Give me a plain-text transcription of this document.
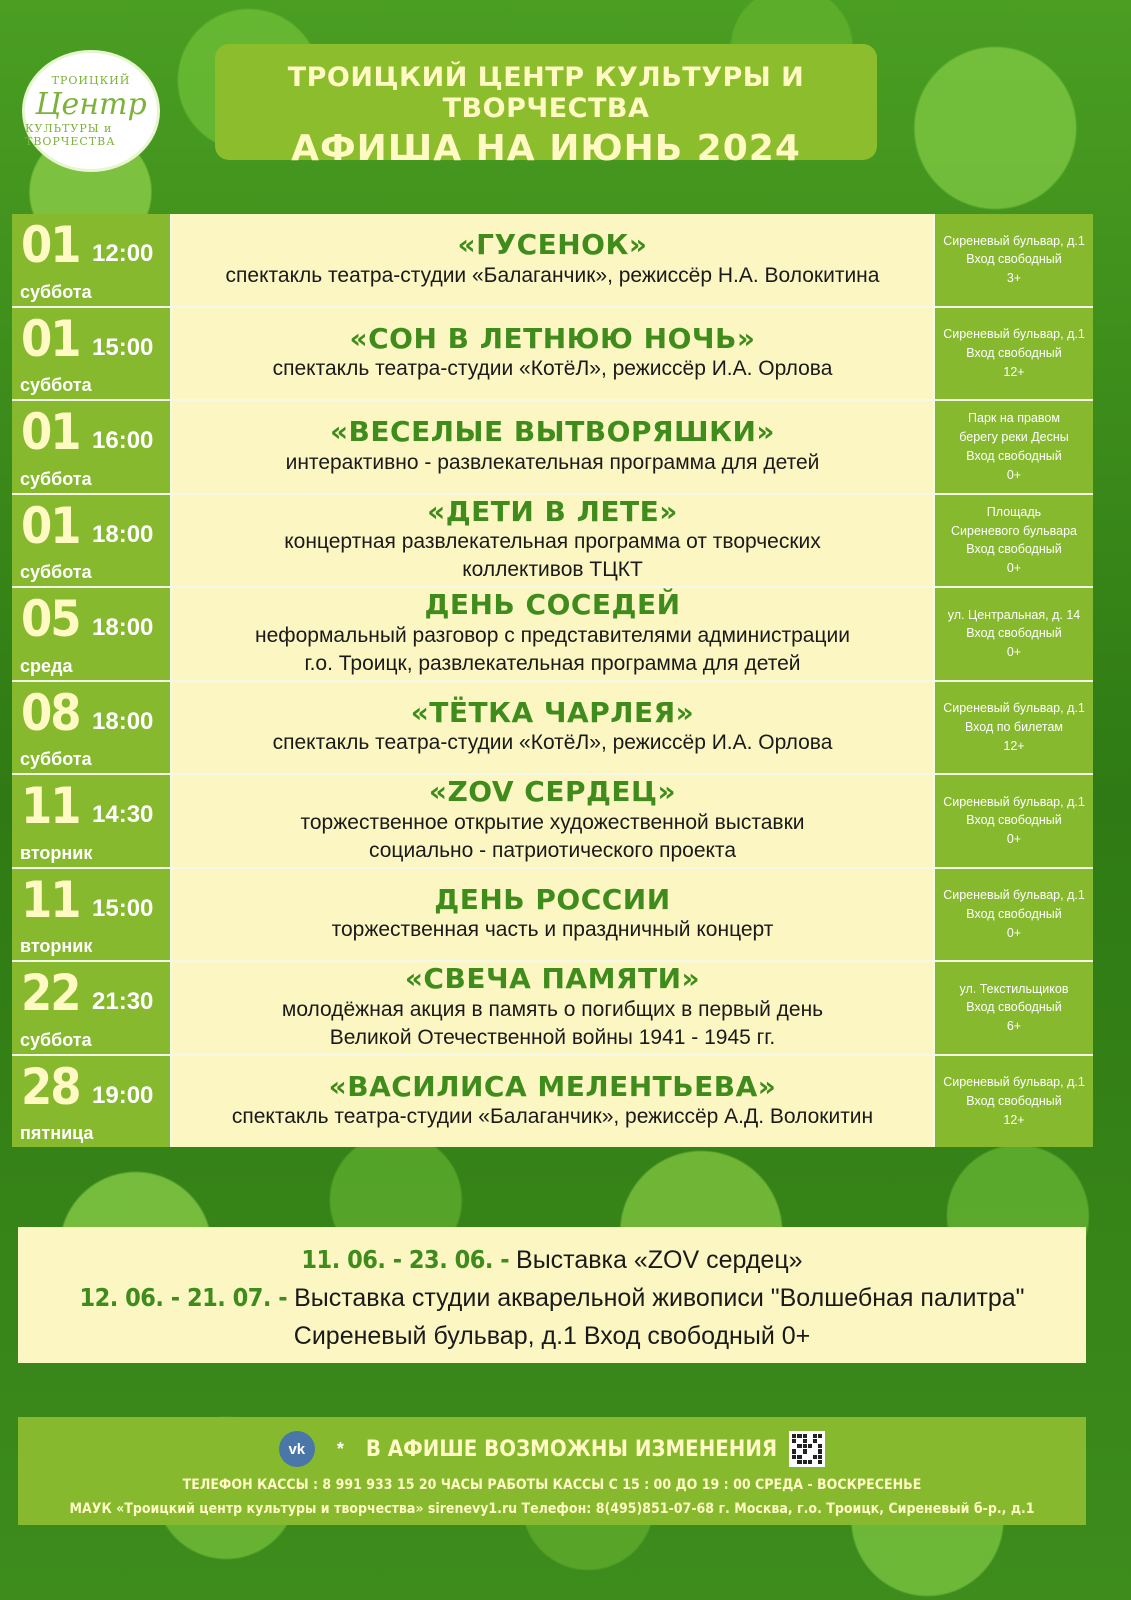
ТРОИЦКИЙ
Центр
КУЛЬТУРЫ и ТВОРЧЕСТВА
ТРОИЦКИЙ ЦЕНТР КУЛЬТУРЫ И ТВОРЧЕСТВА
АФИША НА ИЮНЬ 2024
01 12:00
суббота
«ГУСЕНОК»
спектакль театра-студии «Балаганчик», режиссёр Н.А. Волокитина
Сиреневый бульвар, д.1
Вход свободный
3+
01 15:00
суббота
«СОН В ЛЕТНЮЮ НОЧЬ»
спектакль театра-студии «КотёЛ», режиссёр И.А. Орлова
Сиреневый бульвар, д.1
Вход свободный
12+
01 16:00
суббота
«ВЕСЕЛЫЕ ВЫТВОРЯШКИ»
интерактивно - развлекательная программа для детей
Парк на правом
берегу реки Десны
Вход свободный
0+
01 18:00
суббота
«ДЕТИ В ЛЕТЕ»
концертная развлекательная программа от творческих
коллективов ТЦКТ
Площадь
Сиреневого бульвара
Вход свободный
0+
05 18:00
среда
ДЕНЬ СОСЕДЕЙ
неформальный разговор с представителями администрации
г.о. Троицк, развлекательная программа для детей
ул. Центральная, д. 14
Вход свободный
0+
08 18:00
суббота
«ТЁТКА ЧАРЛЕЯ»
спектакль театра-студии «КотёЛ», режиссёр И.А. Орлова
Сиреневый бульвар, д.1
Вход по билетам
12+
11 14:30
вторник
«ZOV СЕРДЕЦ»
торжественное открытие художественной выставки
социально - патриотического проекта
Сиреневый бульвар, д.1
Вход свободный
0+
11 15:00
вторник
ДЕНЬ РОССИИ
торжественная часть и праздничный концерт
Сиреневый бульвар, д.1
Вход свободный
0+
22 21:30
суббота
«СВЕЧА ПАМЯТИ»
молодёжная акция в память о погибщих в первый день
Великой Отечественной войны 1941 - 1945 гг.
ул. Текстильщиков
Вход свободный
6+
28 19:00
пятница
«ВАСИЛИСА МЕЛЕНТЬЕВА»
спектакль театра-студии «Балаганчик», режиссёр А.Д. Волокитин
Сиреневый бульвар, д.1
Вход свободный
12+
11. 06. - 23. 06. - Выставка «ZOV сердец»
12. 06. - 21. 07. - Выставка студии акварельной живописи "Волшебная палитра"
Сиреневый бульвар, д.1 Вход свободный 0+
vk	* В АФИШЕ ВОЗМОЖНЫ ИЗМЕНЕНИЯ
ТЕЛЕФОН КАССЫ : 8 991 933 15 20 ЧАСЫ РАБОТЫ КАССЫ С 15 : 00 ДО 19 : 00 СРЕДА - ВОСКРЕСЕНЬЕ
МАУК «Троицкий центр культуры и творчества» sirenevy1.ru Телефон: 8(495)851-07-68 г. Москва, г.о. Троицк, Сиреневый б-р., д.1
